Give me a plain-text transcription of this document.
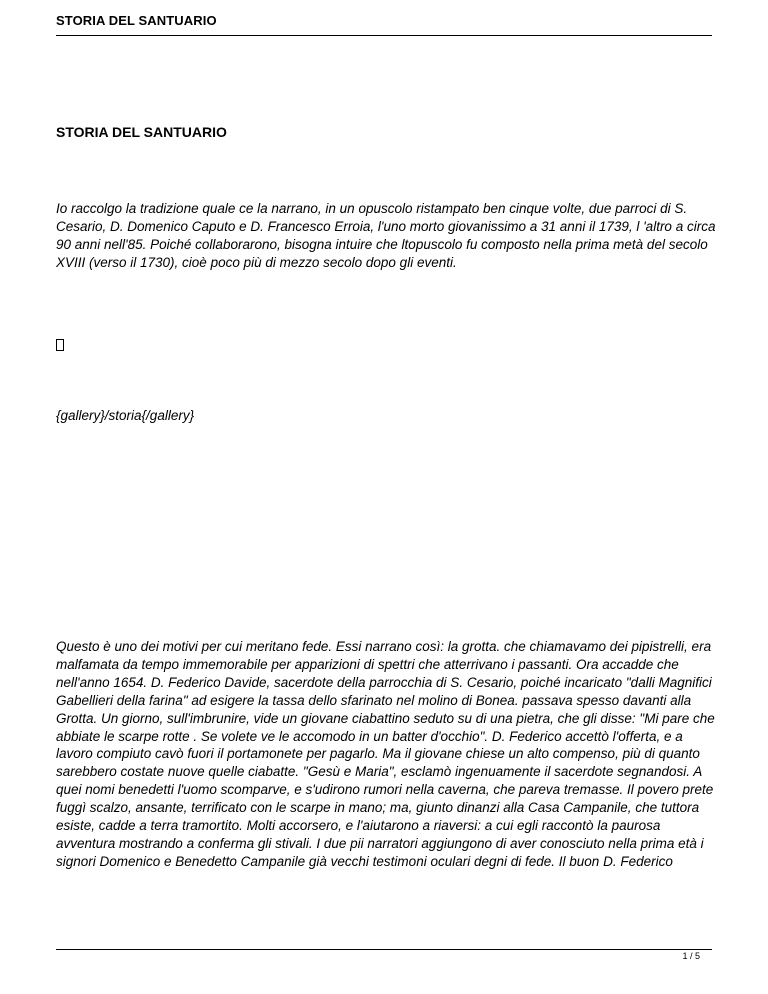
STORIA DEL SANTUARIO
STORIA DEL SANTUARIO

Io raccolgo la tradizione quale ce la narrano, in un opuscolo ristampato ben cinque volte, due parroci di S. Cesario, D. Domenico Caputo e D. Francesco Erroia, l'uno morto giovanissimo a 31 anni il 1739, l 'altro a circa 90 anni nell'85. Poiché collaborarono, bisogna intuire che ltopuscolo fu composto nella prima metà del secolo XVIII (verso il 1730), cioè poco più di mezzo secolo dopo gli eventi.

{gallery}/storia{/gallery}

Questo è uno dei motivi per cui meritano fede. Essi narrano così: la grotta. che chiamavamo dei pipistrelli, era malfamata da tempo immemorabile per apparizioni di spettri che atterrivano i passanti. Ora accadde che nell'anno 1654. D. Federico Davide, sacerdote della parrocchia di S. Cesario, poiché incaricato "dalli Magnifici Gabellieri della farina" ad esigere la tassa dello sfarinato nel molino di Bonea. passava spesso davanti alla Grotta. Un giorno, sull'imbrunire, vide un giovane ciabattino seduto su di una pietra, che gli disse: "Mi pare che abbiate le scarpe rotte . Se volete ve le accomodo in un batter d'occhio". D. Federico accettò l'offerta, e a lavoro compiuto cavò fuori il portamonete per pagarlo. Ma il giovane chiese un alto compenso, più di quanto sarebbero costate nuove quelle ciabatte. "Gesù e Maria", esclamò ingenuamente il sacerdote segnandosi. A quei nomi benedetti l'uomo scomparve, e s'udirono rumori nella caverna, che pareva tremasse. Il povero prete fuggì scalzo, ansante, terrificato con le scarpe in mano; ma, giunto dinanzi alla Casa Campanile, che tuttora esiste, cadde a terra tramortito. Molti accorsero, e l'aiutarono a riaversi: a cui egli raccontò la paurosa avventura mostrando a conferma gli stivali. I due pii narratori aggiungono di aver conosciuto nella prima età i signori Domenico e Benedetto Campanile già vecchi testimoni oculari degni di fede. Il buon D. Federico

1 / 5
